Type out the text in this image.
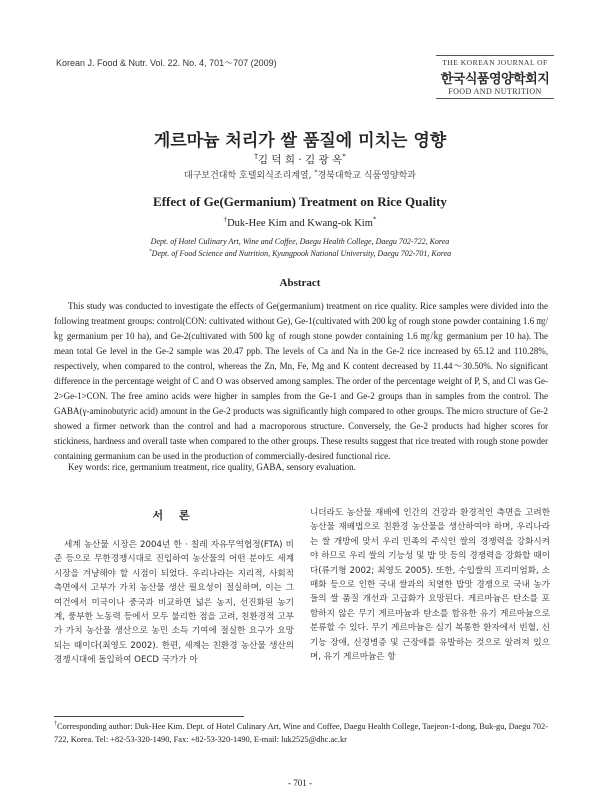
Korean J. Food & Nutr. Vol. 22. No. 4, 701～707 (2009)	THE KOREAN JOURNAL OF
한국식품영양학회지
FOOD AND NUTRITION
게르마늄 처리가 쌀 품질에 미치는 영향
†김 덕 희 · 김 광 옥*
대구보건대학 호텔외식조리계열, *경북대학교 식품영양학과
Effect of Ge(Germanium) Treatment on Rice Quality
†Duk-Hee Kim and Kwang-ok Kim*
Dept. of Hotel Culinary Art, Wine and Coffee, Daegu Health College, Daegu 702-722, Korea
*Dept. of Food Science and Nutrition, Kyungpook National University, Daegu 702-701, Korea
Abstract
This study was conducted to investigate the effects of Ge(germanium) treatment on rice quality. Rice samples were divided into the following treatment groups: control(CON: cultivated without Ge), Ge-1(cultivated with 200 ㎏ of rough stone powder containing 1.6 ㎎/㎏ germanium per 10 ha), and Ge-2(cultivated with 500 ㎏ of rough stone powder containing 1.6 ㎎/㎏ germanium per 10 ha). The mean total Ge level in the Ge-2 sample was 20.47 ppb. The levels of Ca and Na in the Ge-2 rice increased by 65.12 and 110.28%, respectively, when compared to the control, whereas the Zn, Mn, Fe, Mg and K content decreased by 11.44～30.50%. No significant difference in the percentage weight of C and O was observed among samples. The order of the percentage weight of P, S, and Cl was Ge-2>Ge-1>CON. The free amino acids were higher in samples from the Ge-1 and Ge-2 groups than in samples from the control. The GABA(γ-aminobutyric acid) amount in the Ge-2 products was significantly high compared to other groups. The micro structure of Ge-2 showed a firmer network than the control and had a macroporous structure. Conversely, the Ge-2 products had higher scores for stickiness, hardness and overall taste when compared to the other groups. These results suggest that rice treated with rough stone powder containing germanium can be used in the production of commercially-desired functional rice.
Key words: rice, germanium treatment, rice quality, GABA, sensory evaluation.
서 론

세계 농산물 시장은 2004년 한 · 칠레 자유무역협정(FTA) 비준 등으로 무한경쟁시대로 진입하여 농산물의 어떤 분야도 세계 시장을 겨냥해야 할 시점이 되었다. 우리나라는 지리적, 사회적 측면에서 고부가 가치 농산물 생산 필요성이 절실하며, 이는 그 여건에서 미국이나 중국과 비교하면 넓은 농지, 선진화된 농기계, 풍부한 노동력 등에서 모두 불리한 점을 고려, 친환경적 고부가 가치 농산물 생산으로 농민 소득 기여에 절실한 요구가 요망되는 때이다(최영도 2002). 한편, 세계는 친환경 농산물 생산의 경쟁시대에 돌입하여 OECD 국가가 아

니더라도 농산물 재배에 인간의 건강과 환경적인 측면을 고려한 농산물 재배법으로 친환경 농산물을 생산하여야 하며, 우리나라는 쌀 개방에 맞서 우리 민족의 주식인 쌀의 경쟁력을 강화시켜야 하므로 우리 쌀의 기능성 및 밥 맛 등의 경쟁력을 강화할 때이다(류기형 2002; 최영도 2005). 또한, 수입쌀의 프리미엄화, 소매화 등으로 인한 국내 쌀과의 치열한 밥맛 경쟁으로 국내 농가들의 쌀 품질 개선과 고급화가 요망된다. 게르마늄은 탄소를 포함하지 않은 무기 게르마늄과 탄소를 함유한 유기 게르마늄으로 분류할 수 있다. 무기 게르마늄은 심기 복통한 환자에서 빈혈, 신기능 장애, 신경병증 및 근장애를 유발하는 것으로 알려져 있으며, 유기 게르마늄은 항

†Corresponding author: Duk-Hee Kim. Dept. of Hotel Culinary Art, Wine and Coffee, Daegu Health College, Taejeon-1-dong, Buk-gu, Daegu 702-722, Korea. Tel: +82-53-320-1490, Fax: +82-53-320-1490, E-mail: luk2525@dhc.ac.kr
- 701 -
